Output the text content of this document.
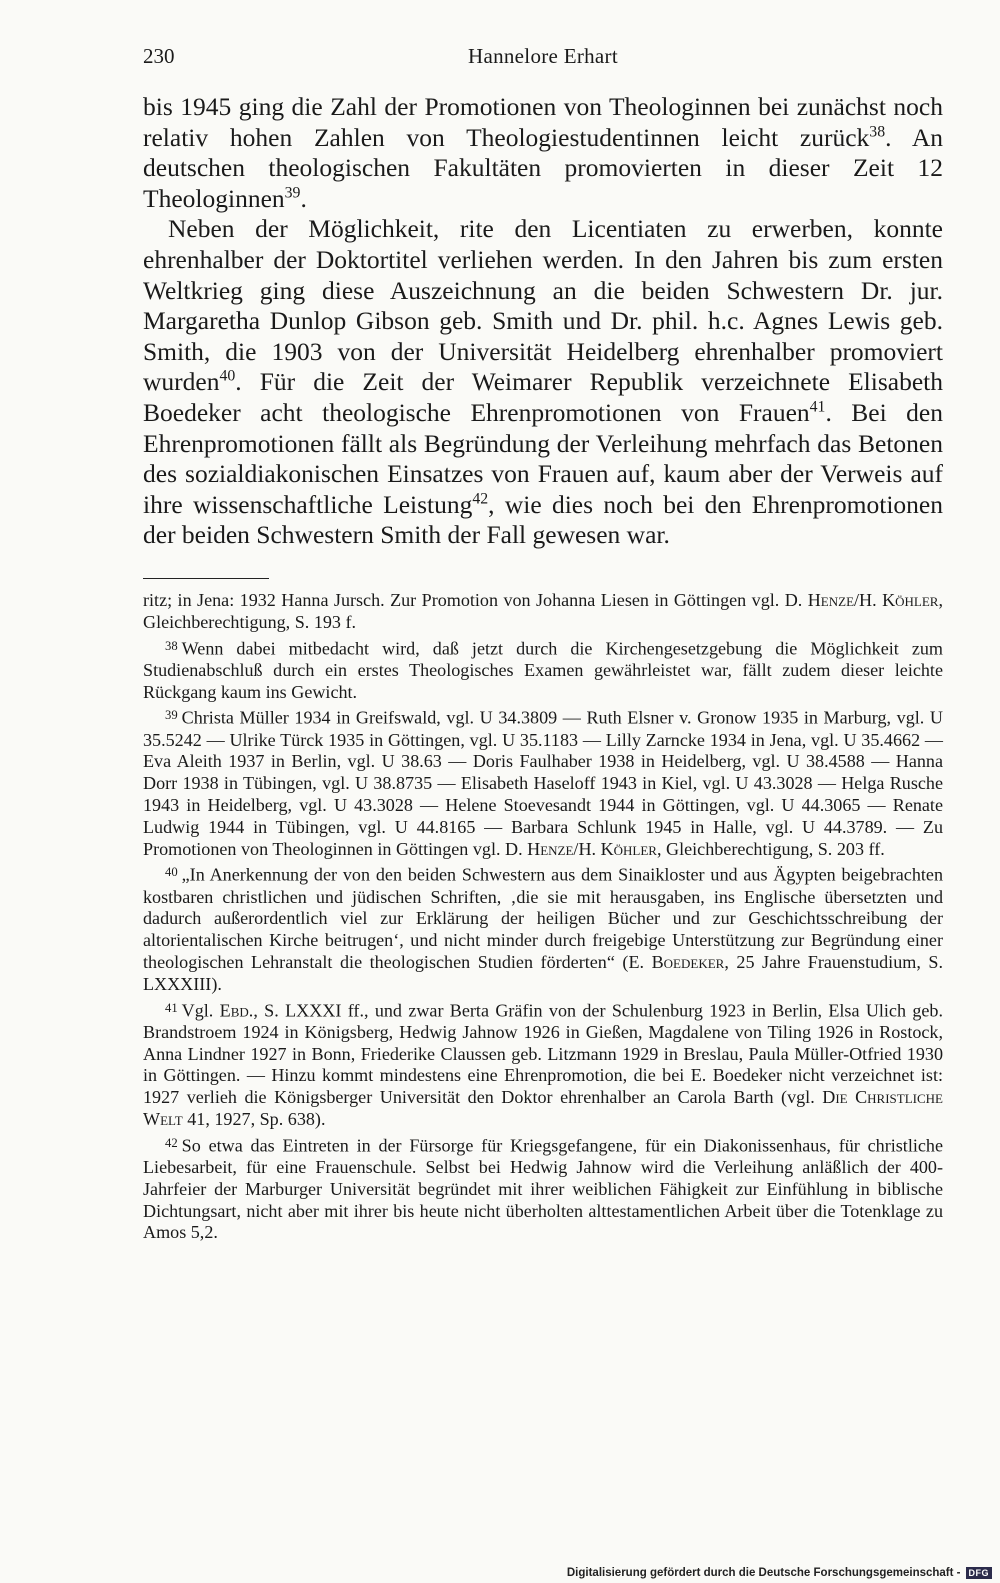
230	Hannelore Erhart

bis 1945 ging die Zahl der Promotionen von Theologinnen bei zunächst noch relativ hohen Zahlen von Theologiestudentinnen leicht zurück$^{38}$. An deutschen theologischen Fakultäten promovierten in dieser Zeit 12 Theologinnen$^{39}$.

Neben der Möglichkeit, rite den Licentiaten zu erwerben, konnte ehrenhalber der Doktortitel verliehen werden. In den Jahren bis zum ersten Weltkrieg ging diese Auszeichnung an die beiden Schwestern Dr. jur. Margaretha Dunlop Gibson geb. Smith und Dr. phil. h.c. Agnes Lewis geb. Smith, die 1903 von der Universität Heidelberg ehrenhalber promoviert wurden$^{40}$. Für die Zeit der Weimarer Republik verzeichnete Elisabeth Boedeker acht theologische Ehrenpromotionen von Frauen$^{41}$. Bei den Ehrenpromotionen fällt als Begründung der Verleihung mehrfach das Betonen des sozialdiakonischen Einsatzes von Frauen auf, kaum aber der Verweis auf ihre wissenschaftliche Leistung$^{42}$, wie dies noch bei den Ehrenpromotionen der beiden Schwestern Smith der Fall gewesen war.

ritz; in Jena: 1932 Hanna Jursch. Zur Promotion von Johanna Liesen in Göttingen vgl. D. Henze/H. Köhler, Gleichberechtigung, S. 193 f.

$^{38}$ Wenn dabei mitbedacht wird, daß jetzt durch die Kirchengesetzgebung die Möglichkeit zum Studienabschluß durch ein erstes Theologisches Examen gewährleistet war, fällt zudem dieser leichte Rückgang kaum ins Gewicht.

$^{39}$ Christa Müller 1934 in Greifswald, vgl. U 34.3809 — Ruth Elsner v. Gronow 1935 in Marburg, vgl. U 35.5242 — Ulrike Türck 1935 in Göttingen, vgl. U 35.1183 — Lilly Zarncke 1934 in Jena, vgl. U 35.4662 — Eva Aleith 1937 in Berlin, vgl. U 38.63 — Doris Faulhaber 1938 in Heidelberg, vgl. U 38.4588 — Hanna Dorr 1938 in Tübingen, vgl. U 38.8735 — Elisabeth Haseloff 1943 in Kiel, vgl. U 43.3028 — Helga Rusche 1943 in Heidelberg, vgl. U 43.3028 — Helene Stoevesandt 1944 in Göttingen, vgl. U 44.3065 — Renate Ludwig 1944 in Tübingen, vgl. U 44.8165 — Barbara Schlunk 1945 in Halle, vgl. U 44.3789. — Zu Promotionen von Theologinnen in Göttingen vgl. D. Henze/H. Köhler, Gleichberechtigung, S. 203 ff.

$^{40}$ „In Anerkennung der von den beiden Schwestern aus dem Sinaikloster und aus Ägypten beigebrachten kostbaren christlichen und jüdischen Schriften, ‚die sie mit herausgaben, ins Englische übersetzten und dadurch außerordentlich viel zur Erklärung der heiligen Bücher und zur Geschichtsschreibung der altorientalischen Kirche beitrugen‘, und nicht minder durch freigebige Unterstützung zur Begründung einer theologischen Lehranstalt die theologischen Studien förderten“ (E. Boedeker, 25 Jahre Frauenstudium, S. LXXXIII).

$^{41}$ Vgl. Ebd., S. LXXXI ff., und zwar Berta Gräfin von der Schulenburg 1923 in Berlin, Elsa Ulich geb. Brandstroem 1924 in Königsberg, Hedwig Jahnow 1926 in Gießen, Magdalene von Tiling 1926 in Rostock, Anna Lindner 1927 in Bonn, Friederike Claussen geb. Litzmann 1929 in Breslau, Paula Müller-Otfried 1930 in Göttingen. — Hinzu kommt mindestens eine Ehrenpromotion, die bei E. Boedeker nicht verzeichnet ist: 1927 verlieh die Königsberger Universität den Doktor ehrenhalber an Carola Barth (vgl. Die Christliche Welt 41, 1927, Sp. 638).

$^{42}$ So etwa das Eintreten in der Fürsorge für Kriegsgefangene, für ein Diakonissenhaus, für christliche Liebesarbeit, für eine Frauenschule. Selbst bei Hedwig Jahnow wird die Verleihung anläßlich der 400-Jahrfeier der Marburger Universität begründet mit ihrer weiblichen Fähigkeit zur Einfühlung in biblische Dichtungsart, nicht aber mit ihrer bis heute nicht überholten alttestamentlichen Arbeit über die Totenklage zu Amos 5,2.

Digitalisierung gefördert durch die Deutsche Forschungsgemeinschaft - DFG
